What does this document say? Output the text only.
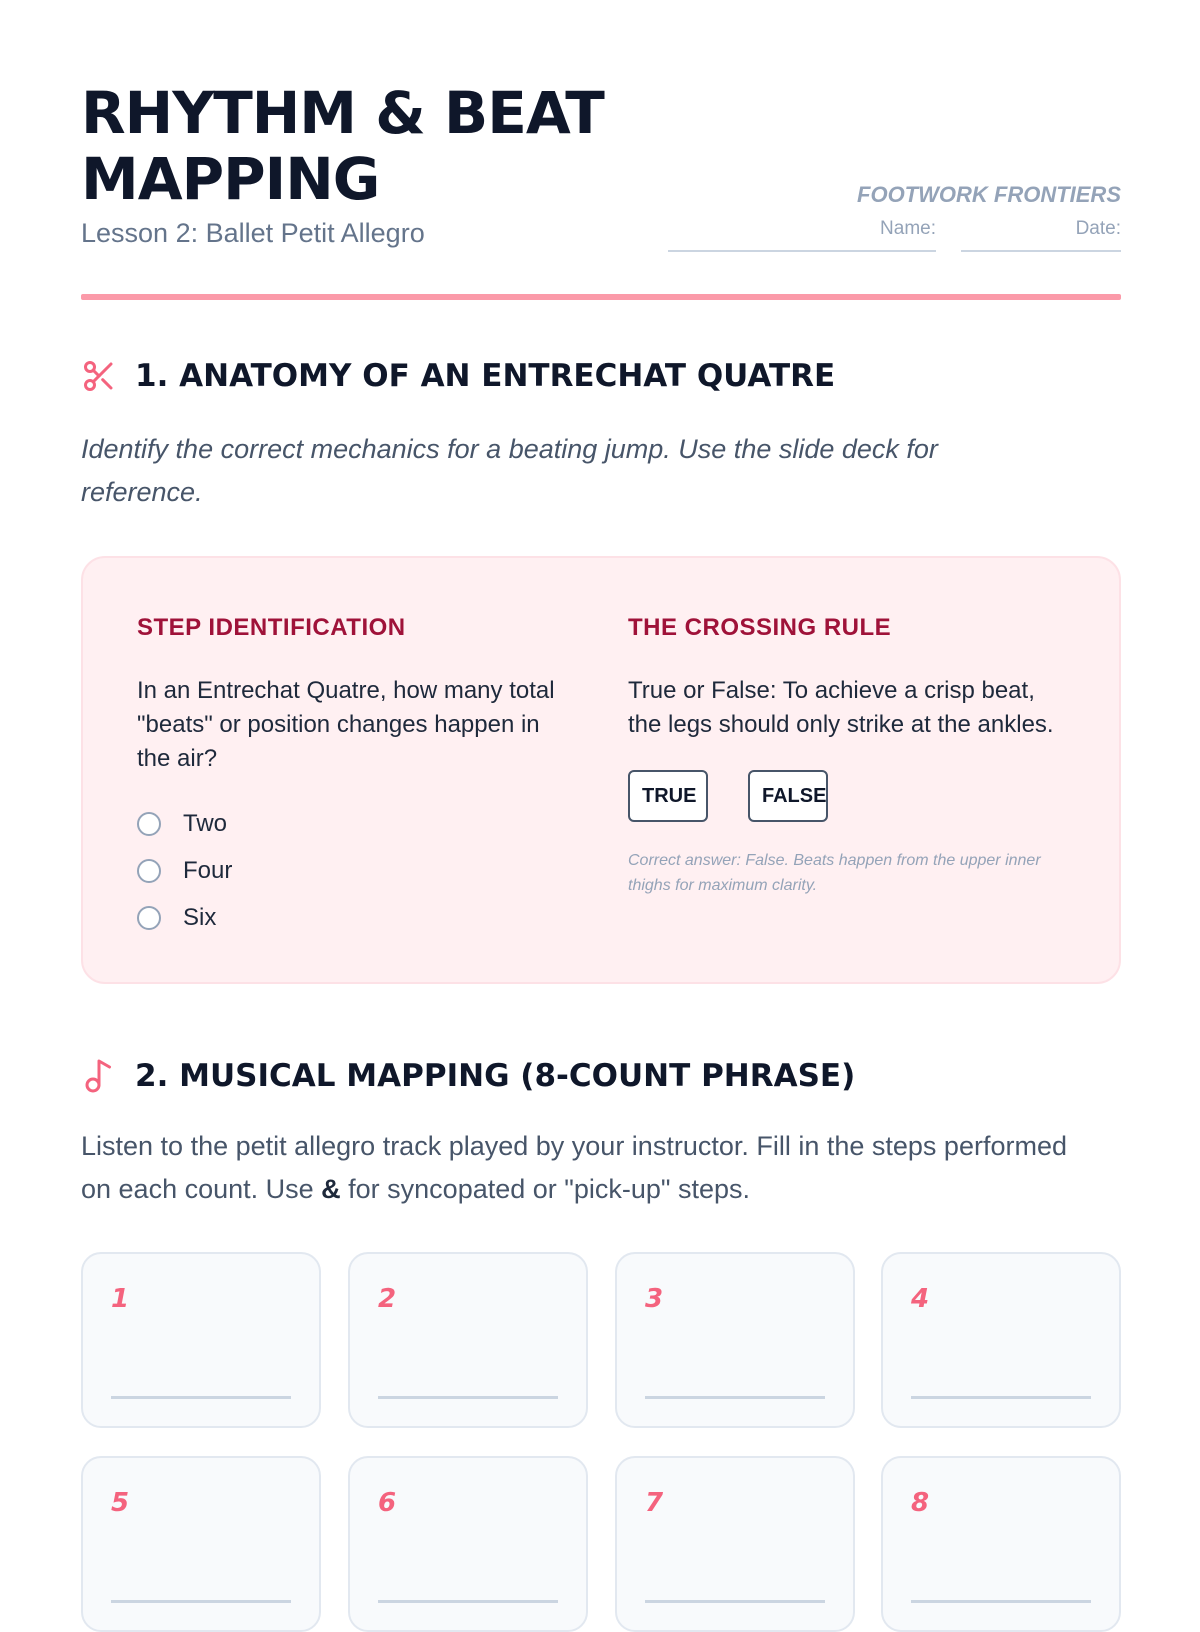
RHYTHM & BEAT MAPPING
Lesson 2: Ballet Petit Allegro
FOOTWORK FRONTIERS
Name:	Date:
1. ANATOMY OF AN ENTRECHAT QUATRE
Identify the correct mechanics for a beating jump. Use the slide deck for reference.
STEP IDENTIFICATION

In an Entrechat Quatre, how many total "beats" or position changes happen in the air?

Two
Four
Six
THE CROSSING RULE

True or False: To achieve a crisp beat, the legs should only strike at the ankles.

TRUE	FALSE
Correct answer: False. Beats happen from the upper inner thighs for maximum clarity.
2. MUSICAL MAPPING (8-COUNT PHRASE)
Listen to the petit allegro track played by your instructor. Fill in the steps performed on each count. Use & for syncopated or "pick-up" steps.
1	2	3	4
5	6	7	8
